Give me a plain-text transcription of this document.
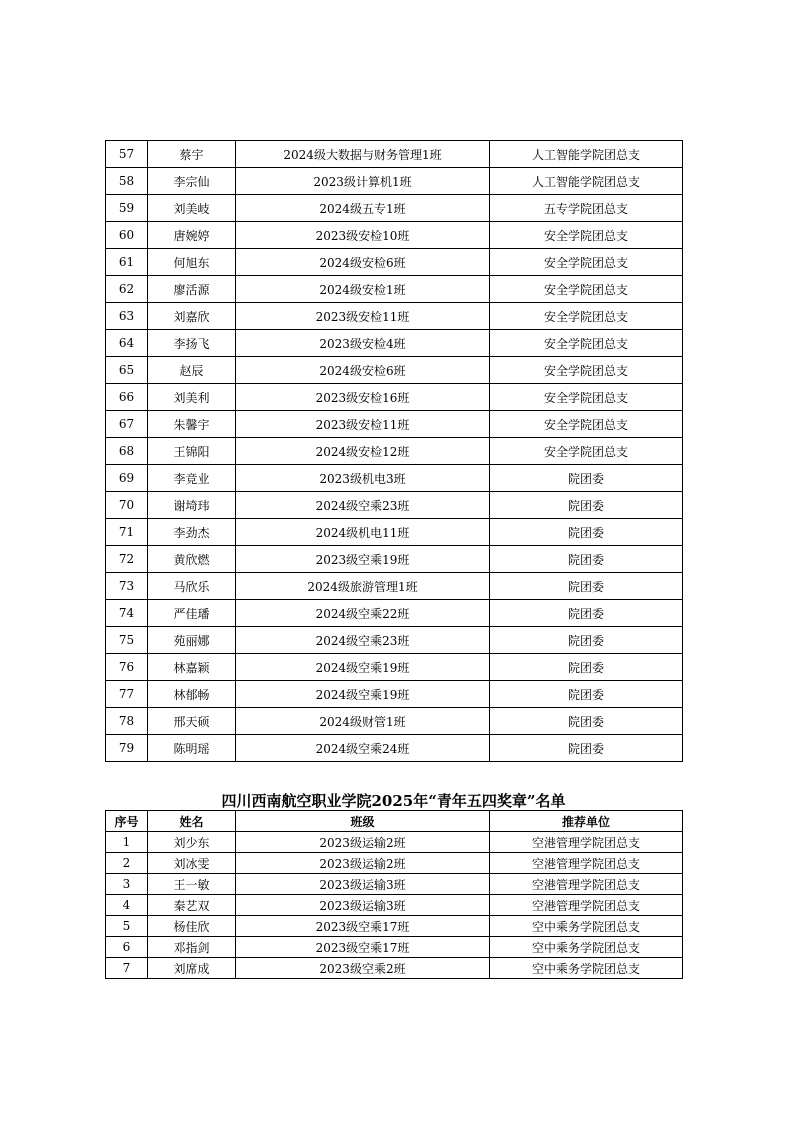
57	蔡宇	2024级大数据与财务管理1班	人工智能学院团总支
58	李宗仙	2023级计算机1班	人工智能学院团总支
59	刘美岐	2024级五专1班	五专学院团总支
60	唐婉婷	2023级安检10班	安全学院团总支
61	何旭东	2024级安检6班	安全学院团总支
62	廖活源	2024级安检1班	安全学院团总支
63	刘嘉欣	2023级安检11班	安全学院团总支
64	李扬飞	2023级安检4班	安全学院团总支
65	赵辰	2024级安检6班	安全学院团总支
66	刘美利	2023级安检16班	安全学院团总支
67	朱馨宇	2023级安检11班	安全学院团总支
68	王锦阳	2024级安检12班	安全学院团总支
69	李竞业	2023级机电3班	院团委
70	谢埼玮	2024级空乘23班	院团委
71	李劲杰	2024级机电11班	院团委
72	黄欣燃	2023级空乘19班	院团委
73	马欣乐	2024级旅游管理1班	院团委
74	严佳璠	2024级空乘22班	院团委
75	苑丽娜	2024级空乘23班	院团委
76	林嘉颖	2024级空乘19班	院团委
77	林郁畅	2024级空乘19班	院团委
78	邢天硕	2024级财管1班	院团委
79	陈明瑶	2024级空乘24班	院团委
四川西南航空职业学院2025年“青年五四奖章”名单
序号	姓名	班级	推荐单位
1	刘少东	2023级运输2班	空港管理学院团总支
2	刘冰雯	2023级运输2班	空港管理学院团总支
3	王一敏	2023级运输3班	空港管理学院团总支
4	秦艺双	2023级运输3班	空港管理学院团总支
5	杨佳欣	2023级空乘17班	空中乘务学院团总支
6	邓指剑	2023级空乘17班	空中乘务学院团总支
7	刘席成	2023级空乘2班	空中乘务学院团总支
